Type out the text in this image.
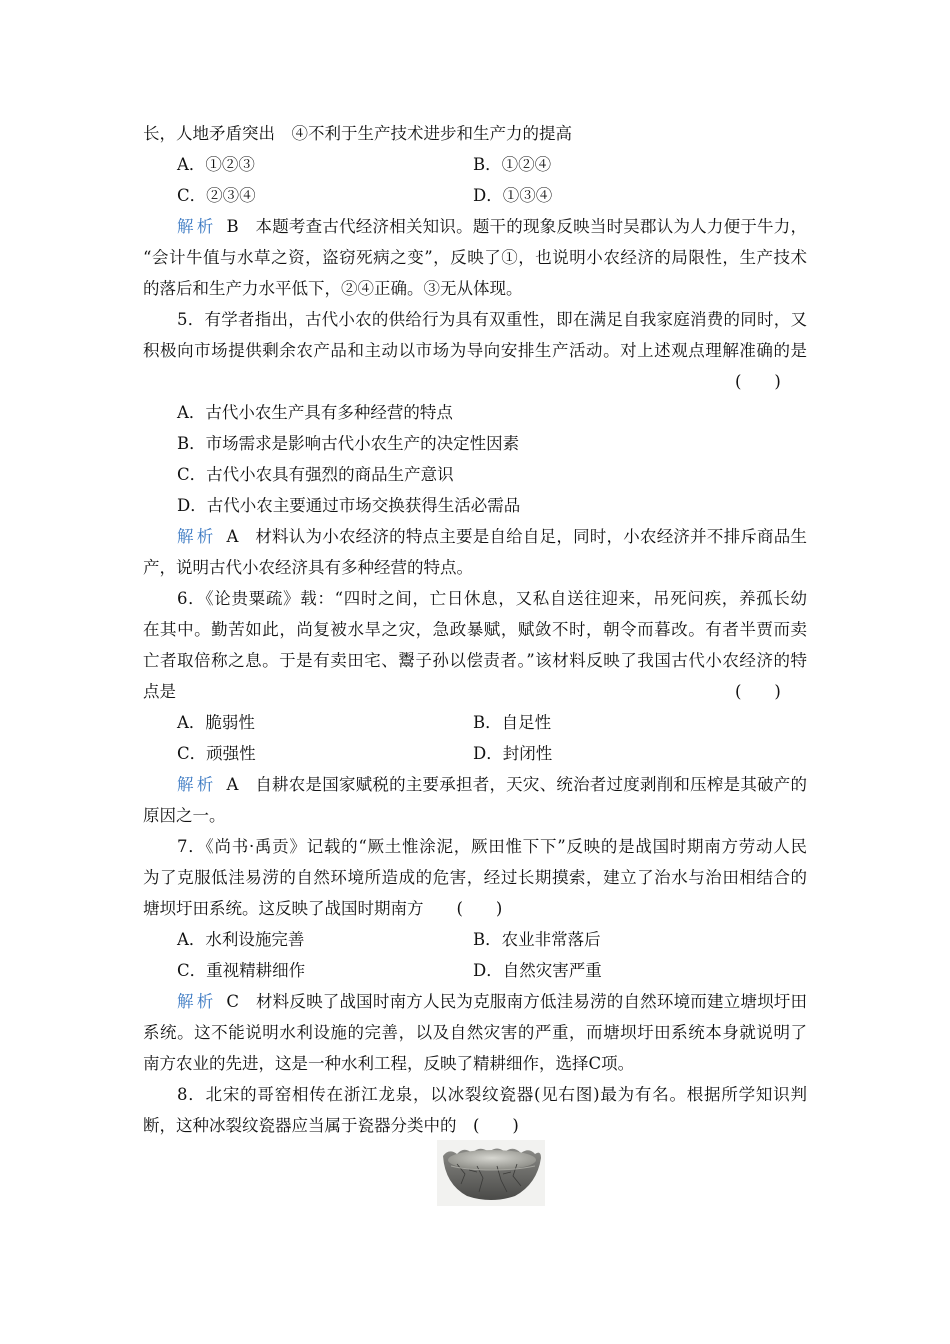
长，人地矛盾突出　④不利于生产技术进步和生产力的提高
A．①②③	B．①②④
C．②③④	D．①③④
解析 B　本题考查古代经济相关知识。题干的现象反映当时吴郡认为人力便于牛力，
“会计牛值与水草之资，盗窃死病之变”，反映了①，也说明小农经济的局限性，生产技术
的落后和生产力水平低下，②④正确。③无从体现。
5．有学者指出，古代小农的供给行为具有双重性，即在满足自我家庭消费的同时，又
积极向市场提供剩余农产品和主动以市场为导向安排生产活动。对上述观点理解准确的是
(　　)
A．古代小农生产具有多种经营的特点
B．市场需求是影响古代小农生产的决定性因素
C．古代小农具有强烈的商品生产意识
D．古代小农主要通过市场交换获得生活必需品
解析 A　材料认为小农经济的特点主要是自给自足，同时，小农经济并不排斥商品生
产，说明古代小农经济具有多种经营的特点。
6．《论贵粟疏》载：“四时之间，亡日休息，又私自送往迎来，吊死问疾，养孤长幼
在其中。勤苦如此，尚复被水旱之灾，急政暴赋，赋敛不时，朝令而暮改。有者半贾而卖
亡者取倍称之息。于是有卖田宅、鬻子孙以偿责者。”该材料反映了我国古代小农经济的特
点是	(　　)
A．脆弱性	B．自足性
C．顽强性	D．封闭性
解析 A　自耕农是国家赋税的主要承担者，天灾、统治者过度剥削和压榨是其破产的
原因之一。
7．《尚书·禹贡》记载的“厥土惟涂泥，厥田惟下下”反映的是战国时期南方劳动人民
为了克服低洼易涝的自然环境所造成的危害，经过长期摸索，建立了治水与治田相结合的
塘坝圩田系统。这反映了战国时期南方　　(　　)
A．水利设施完善	B．农业非常落后
C．重视精耕细作	D．自然灾害严重
解析 C　材料反映了战国时南方人民为克服南方低洼易涝的自然环境而建立塘坝圩田
系统。这不能说明水利设施的完善，以及自然灾害的严重，而塘坝圩田系统本身就说明了
南方农业的先进，这是一种水利工程，反映了精耕细作，选择C项。
8．北宋的哥窑相传在浙江龙泉，以冰裂纹瓷器(见右图)最为有名。根据所学知识判
断，这种冰裂纹瓷器应当属于瓷器分类中的　(　　)
